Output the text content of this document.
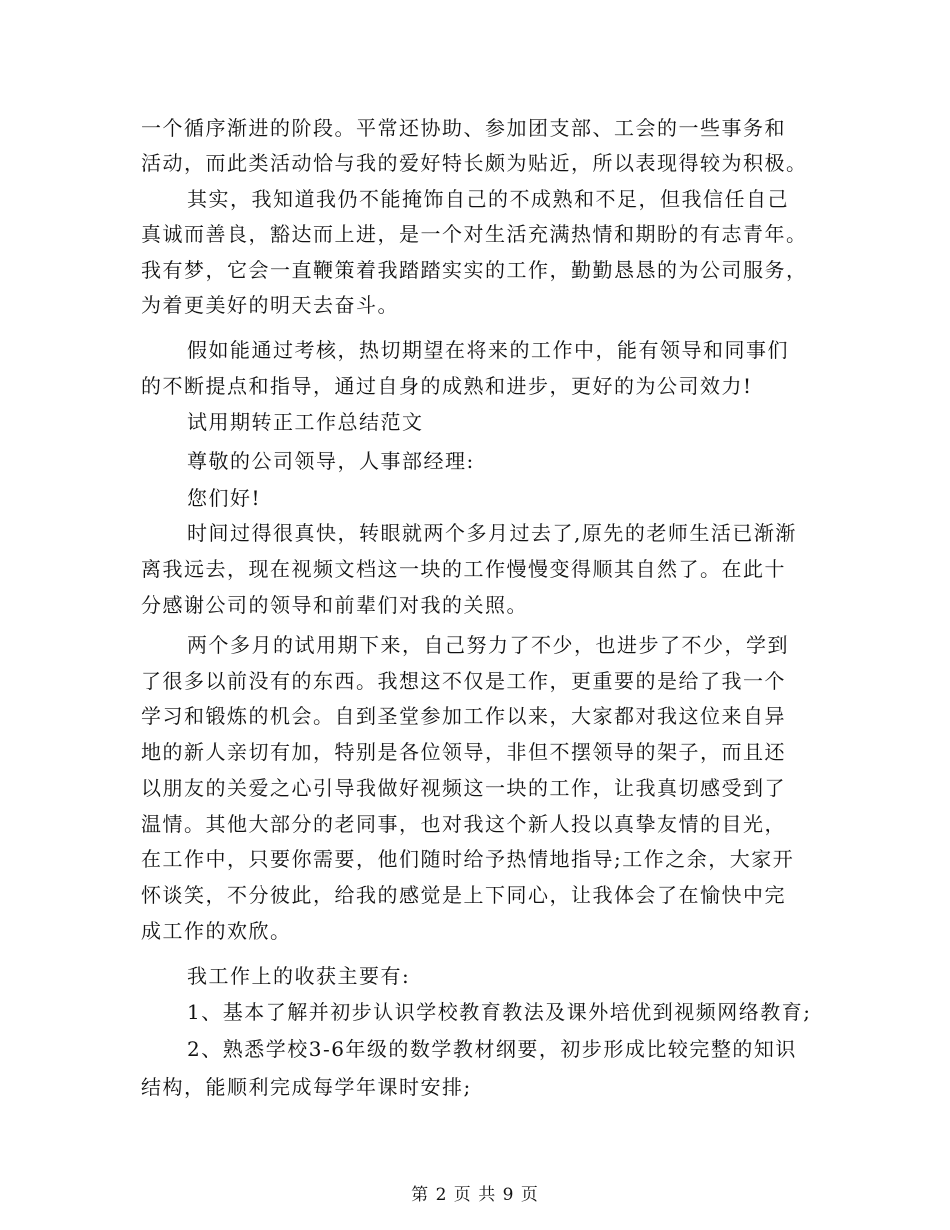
一个循序渐进的阶段。平常还协助、参加团支部、工会的一些事务和
活动，而此类活动恰与我的爱好特长颇为贴近，所以表现得较为积极。
其实，我知道我仍不能掩饰自己的不成熟和不足，但我信任自己
真诚而善良，豁达而上进，是一个对生活充满热情和期盼的有志青年。
我有梦，它会一直鞭策着我踏踏实实的工作，勤勤恳恳的为公司服务，
为着更美好的明天去奋斗。
假如能通过考核，热切期望在将来的工作中，能有领导和同事们
的不断提点和指导，通过自身的成熟和进步，更好的为公司效力!
试用期转正工作总结范文
尊敬的公司领导，人事部经理:
您们好!
时间过得很真快，转眼就两个多月过去了,原先的老师生活已渐渐
离我远去，现在视频文档这一块的工作慢慢变得顺其自然了。在此十
分感谢公司的领导和前辈们对我的关照。
两个多月的试用期下来，自己努力了不少，也进步了不少，学到
了很多以前没有的东西。我想这不仅是工作，更重要的是给了我一个
学习和锻炼的机会。自到圣堂参加工作以来，大家都对我这位来自异
地的新人亲切有加，特别是各位领导，非但不摆领导的架子，而且还
以朋友的关爱之心引导我做好视频这一块的工作，让我真切感受到了
温情。其他大部分的老同事，也对我这个新人投以真挚友情的目光，
在工作中，只要你需要，他们随时给予热情地指导;工作之余，大家开
怀谈笑，不分彼此，给我的感觉是上下同心，让我体会了在愉快中完
成工作的欢欣。
我工作上的收获主要有:
1、基本了解并初步认识学校教育教法及课外培优到视频网络教育;
2、熟悉学校3-6年级的数学教材纲要，初步形成比较完整的知识
结构，能顺利完成每学年课时安排;
第 2 页 共 9 页
